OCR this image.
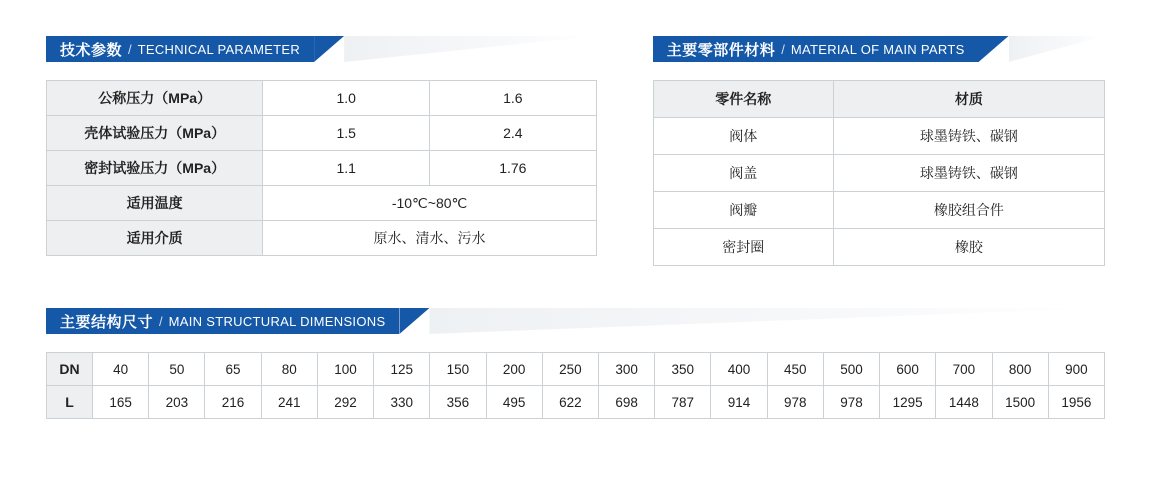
技术参数 / TECHNICAL PARAMETER
公称压力（MPa）	1.0	1.6
壳体试验压力（MPa）	1.5	2.4
密封试验压力（MPa）	1.1	1.76
适用温度	-10℃~80℃	
适用介质	原水、清水、污水	
主要零部件材料 / MATERIAL OF MAIN PARTS
零件名称	材质
阀体	球墨铸铁、碳钢
阀盖	球墨铸铁、碳钢
阀瓣	橡胶组合件
密封圈	橡胶
主要结构尺寸 / MAIN STRUCTURAL DIMENSIONS
DN	40	50	65	80	100	125	150	200	250	300	350	400	450	500	600	700	800	900
L	165	203	216	241	292	330	356	495	622	698	787	914	978	978	1295	1448	1500	1956
